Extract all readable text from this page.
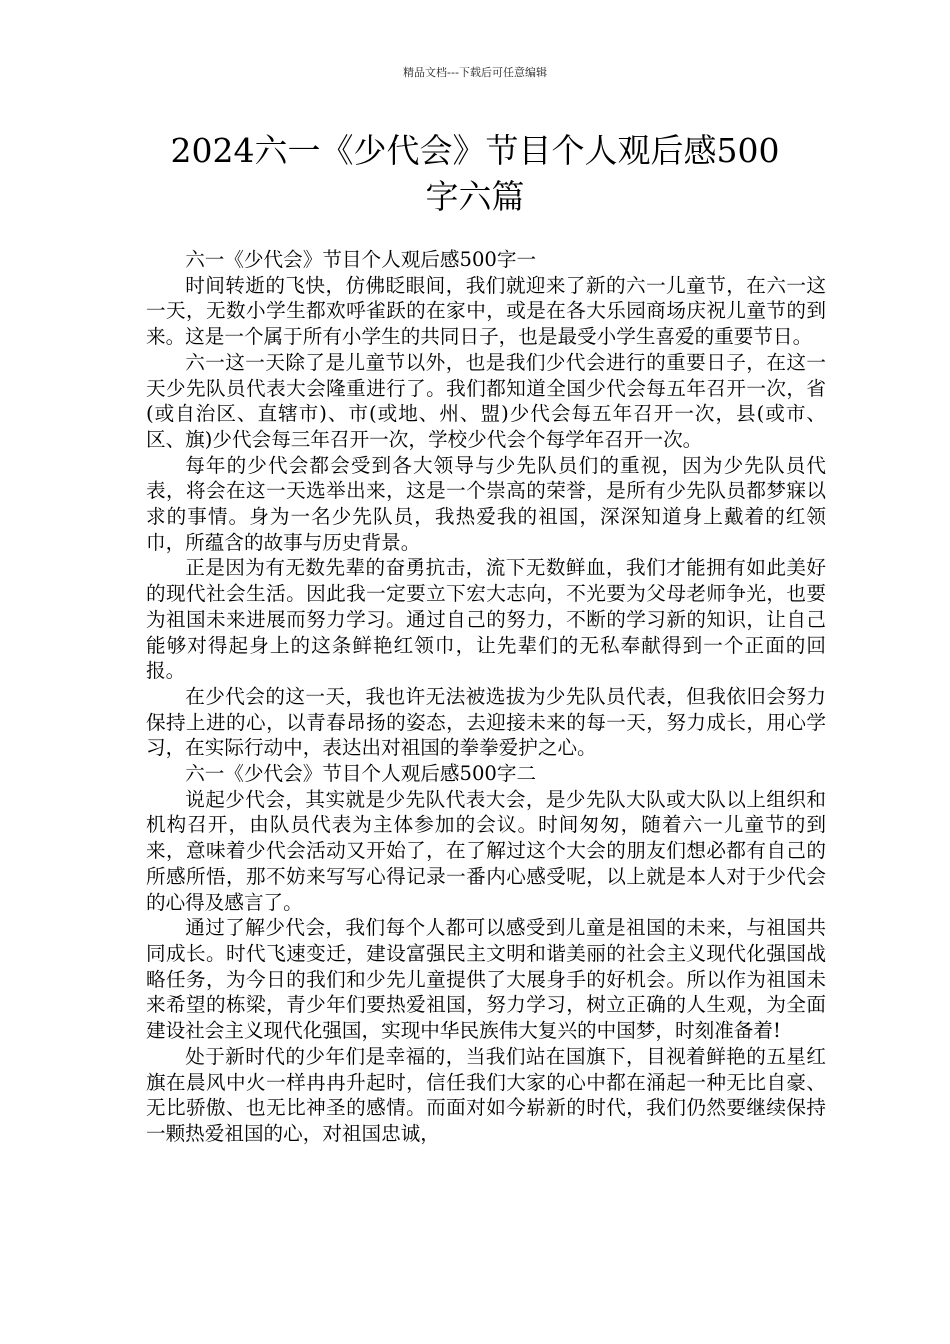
精品文档---下载后可任意编辑
2024六一《少代会》节目个人观后感500
字六篇

六一《少代会》节目个人观后感500字一

时间转逝的飞快，仿佛眨眼间，我们就迎来了新的六一儿童节，在六一这一天，无数小学生都欢呼雀跃的在家中，或是在各大乐园商场庆祝儿童节的到来。这是一个属于所有小学生的共同日子，也是最受小学生喜爱的重要节日。

六一这一天除了是儿童节以外，也是我们少代会进行的重要日子，在这一天少先队员代表大会隆重进行了。我们都知道全国少代会每五年召开一次，省(或自治区、直辖市)、市(或地、州、盟)少代会每五年召开一次，县(或市、区、旗)少代会每三年召开一次，学校少代会个每学年召开一次。

每年的少代会都会受到各大领导与少先队员们的重视，因为少先队员代表，将会在这一天选举出来，这是一个崇高的荣誉，是所有少先队员都梦寐以求的事情。身为一名少先队员，我热爱我的祖国，深深知道身上戴着的红领巾，所蕴含的故事与历史背景。

正是因为有无数先辈的奋勇抗击，流下无数鲜血，我们才能拥有如此美好的现代社会生活。因此我一定要立下宏大志向，不光要为父母老师争光，也要为祖国未来进展而努力学习。通过自己的努力，不断的学习新的知识，让自己能够对得起身上的这条鲜艳红领巾，让先辈们的无私奉献得到一个正面的回报。

在少代会的这一天，我也许无法被选拔为少先队员代表，但我依旧会努力保持上进的心，以青春昂扬的姿态，去迎接未来的每一天，努力成长，用心学习，在实际行动中，表达出对祖国的拳拳爱护之心。

六一《少代会》节目个人观后感500字二

说起少代会，其实就是少先队代表大会，是少先队大队或大队以上组织和机构召开，由队员代表为主体参加的会议。时间匆匆，随着六一儿童节的到来，意味着少代会活动又开始了，在了解过这个大会的朋友们想必都有自己的所感所悟，那不妨来写写心得记录一番内心感受呢，以上就是本人对于少代会的心得及感言了。

通过了解少代会，我们每个人都可以感受到儿童是祖国的未来，与祖国共同成长。时代飞速变迁，建设富强民主文明和谐美丽的社会主义现代化强国战略任务，为今日的我们和少先儿童提供了大展身手的好机会。所以作为祖国未来希望的栋梁，青少年们要热爱祖国，努力学习，树立正确的人生观，为全面建设社会主义现代化强国，实现中华民族伟大复兴的中国梦，时刻准备着!

处于新时代的少年们是幸福的，当我们站在国旗下，目视着鲜艳的五星红旗在晨风中火一样冉冉升起时，信任我们大家的心中都在涌起一种无比自豪、无比骄傲、也无比神圣的感情。而面对如今崭新的时代，我们仍然要继续保持一颗热爱祖国的心，对祖国忠诚，
